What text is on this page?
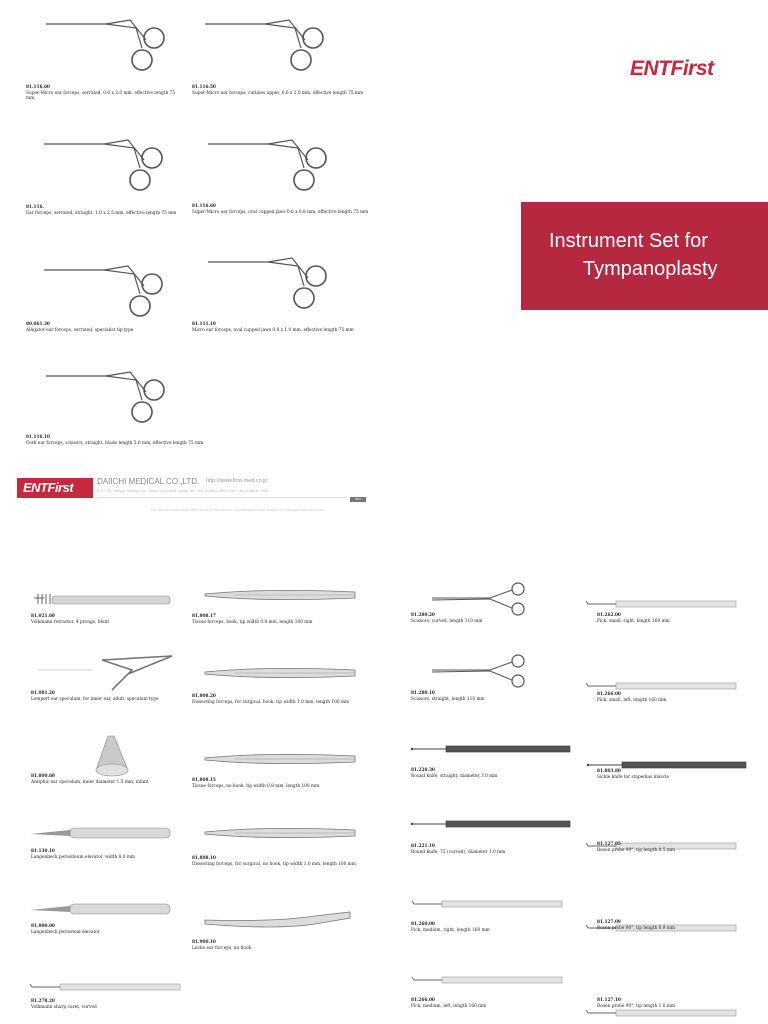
ENTFirst
Instrument Set for
Tympanoplasty
81.116.60
Super-Micro ear forceps, serrated, 0.6 x 2.0 mm, effective length 75 mm
81.116.50
Super-Micro ear forceps, cutlines upper, 0.6 x 2.0 mm, effective length 75 mm
81.116.
Ear forceps, serrated, straight, 1.0 x 2.5 mm, effective length 75 mm
81.116.60
Super-Micro ear forceps, oval cupped jaws 0.6 x 0.8 mm, effective length 75 mm
80.061.30
Alligator ear forceps, serrated, specialist tip type
81.111.10
Micro ear forceps, oval cupped jaws 0.8 x 1.0 mm, effective length 75 mm
81.116.10
Cork ear forceps, scissors, straight, blade length 5.0 mm, effective length 75 mm
ENTFirst	DAIICHI MEDICAL CO.,LTD. http://www.first-med.co.jp
2-27-16, Hongo, Bunkyo-ku, Tokyo 113-0033 Japan Tel: +81-3-3814-3500 Fax: +81-3-3818-7906
SN1
The actual colors may differ from those shown. Specifications are subject to change without notice.
81.021.60
Volkmann retractor, 4 prongs, blunt
81.081.20
Lempert ear speculum, for inner ear, adult, speculum type
81.800.60
Antiphic ear speculum, inner diameter 1.5 mm, infant
81.130.10
Langenbeck periosteum elevator, width 8.0 mm
81.800.00
Langenbeck periosteal elevator
81.278.20
Volkmann sharp curet, curved
81.808.17
Tissue forceps, hook, tip width 0.8 mm, length 100 mm
81.808.20
Dissecting forceps, for surgical, hook, tip width 1.0 mm, length 100 mm
81.808.15
Tissue forceps, no hook, tip width 0.8 mm, length 100 mm
81.808.10
Dissecting forceps, for surgical, no hook, tip width 1.0 mm, length 100 mm
81.900.10
Lucke ear forceps, no hook
81.280.20
Scissors, curved, length 110 mm
81.280.10
Scissors, straight, length 110 mm
81.220.30
Round knife, straight, diameter 3.0 mm
81.221.10
Round knife, 75 (curved), diameter 1.0 mm
81.260.00
Pick, medium, right, length 160 mm
81.266.00
Pick, medium, left, length 160 mm
81.262.00
Pick, small, right, length 160 mm
81.266.00
Pick, small, left, length 160 mm
81.803.80
Sickle knife for stapedius muscle
81.127.05
Rosen probe 90°, tip length 0.5 mm
81.127.09
Rosen probe 90°, tip length 0.9 mm
81.127.10
Rosen probe 90°, tip length 1.0 mm
